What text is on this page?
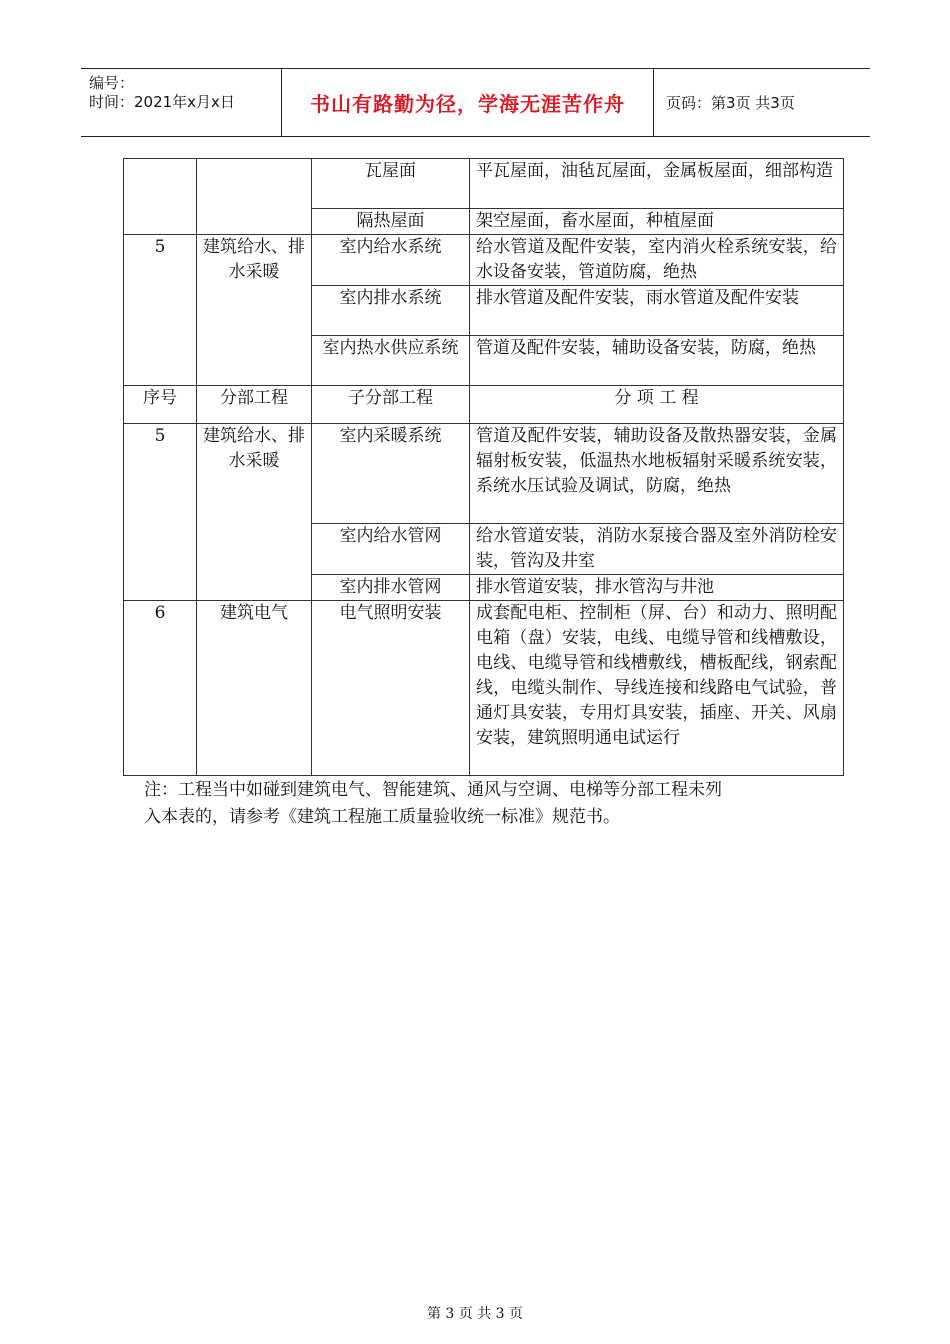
编号：
时间：2021年x月x日	书山有路勤为径，学海无涯苦作舟	页码：第3页 共3页
		瓦屋面	平瓦屋面，油毡瓦屋面，金属板屋面，细部构造
		隔热屋面	架空屋面，畜水屋面，种植屋面
5	建筑给水、排水采暖	室内给水系统	给水管道及配件安装，室内消火栓系统安装，给水设备安装，管道防腐，绝热
		室内排水系统	排水管道及配件安装，雨水管道及配件安装
		室内热水供应系统	管道及配件安装，辅助设备安装，防腐，绝热
序号	分部工程	子分部工程	分 项 工 程
5	建筑给水、排水采暖	室内采暖系统	管道及配件安装，辅助设备及散热器安装，金属辐射板安装，低温热水地板辐射采暖系统安装，系统水压试验及调试，防腐，绝热
		室内给水管网	给水管道安装，消防水泵接合器及室外消防栓安装，管沟及井室
		室内排水管网	排水管道安装，排水管沟与井池
6	建筑电气	电气照明安装	成套配电柜、控制柜（屏、台）和动力、照明配电箱（盘）安装，电线、电缆导管和线槽敷设，电线、电缆导管和线槽敷线，槽板配线，钢索配线，电缆头制作、导线连接和线路电气试验，普通灯具安装，专用灯具安装，插座、开关、风扇安装，建筑照明通电试运行

注：工程当中如碰到建筑电气、智能建筑、通风与空调、电梯等分部工程未列

入本表的，请参考《建筑工程施工质量验收统一标准》规范书。

第 3 页 共 3 页
